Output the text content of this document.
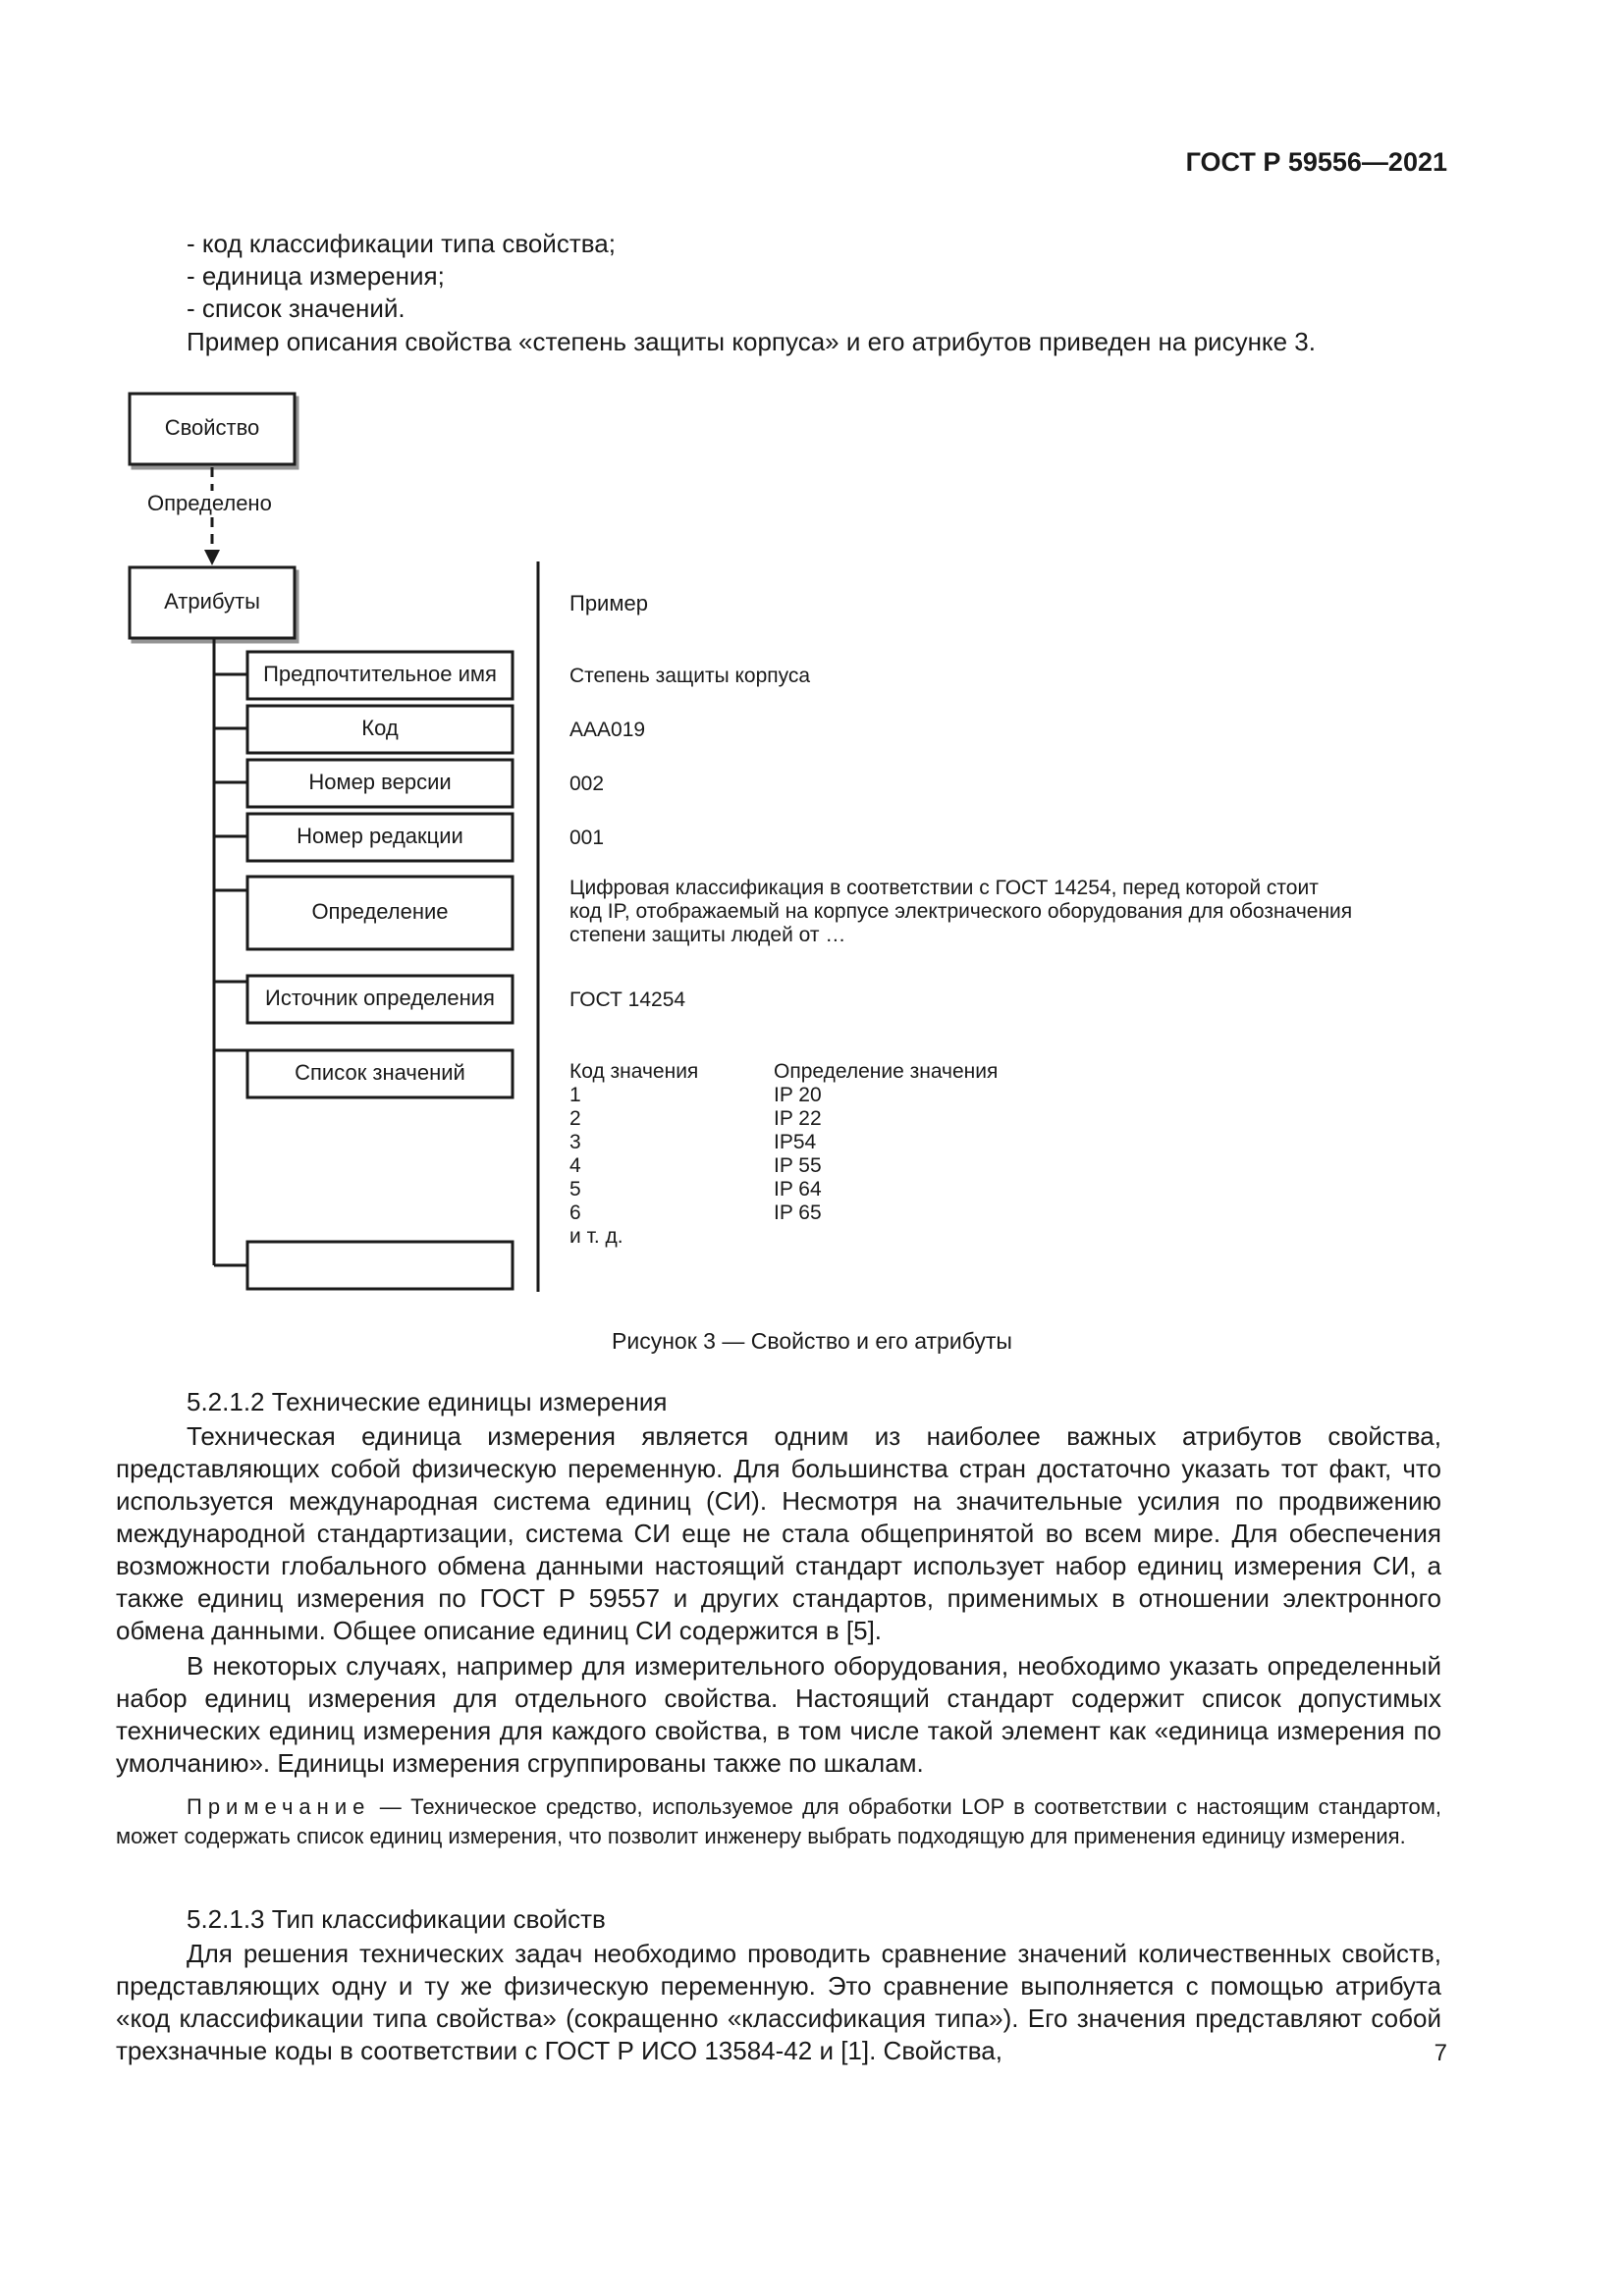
ГОСТ Р 59556—2021
- код классификации типа свойства;
- единица измерения;
- список значений.
Пример описания свойства «степень защиты корпуса» и его атрибутов приведен на рисунке 3.
Свойство
Определено
Атрибуты
Предпочтительное имя
Код
Номер версии
Номер редакции
Определение
Источник определения
Список значений
Пример
Степень защиты корпуса
AAA019
002
001
Цифровая классификация в соответствии с ГОСТ 14254, перед которой стоит
код IP, отображаемый на корпусе электрического оборудования для обозначения
степени защиты людей от …
ГОСТ 14254
Код значения	Определение значения
1	IP 20
2	IP 22
3	IP54
4	IP 55
5	IP 64
6	IP 65
и т. д.
Рисунок 3 — Свойство и его атрибуты
5.2.1.2 Технические единицы измерения

Техническая единица измерения является одним из наиболее важных атрибутов свойства, представляющих собой физическую переменную. Для большинства стран достаточно указать тот факт, что используется международная система единиц (СИ). Несмотря на значительные усилия по продвижению международной стандартизации, система СИ еще не стала общепринятой во всем мире. Для обеспечения возможности глобального обмена данными настоящий стандарт использует набор единиц измерения СИ, а также единиц измерения по ГОСТ Р 59557 и других стандартов, применимых в отношении электронного обмена данными. Общее описание единиц СИ содержится в [5].

В некоторых случаях, например для измерительного оборудования, необходимо указать определенный набор единиц измерения для отдельного свойства. Настоящий стандарт содержит список допустимых технических единиц измерения для каждого свойства, в том числе такой элемент как «единица измерения по умолчанию». Единицы измерения сгруппированы также по шкалам.

Примечание — Техническое средство, используемое для обработки LOP в соответствии с настоящим стандартом, может содержать список единиц измерения, что позволит инженеру выбрать подходящую для применения единицу измерения.

5.2.1.3 Тип классификации свойств

Для решения технических задач необходимо проводить сравнение значений количественных свойств, представляющих одну и ту же физическую переменную. Это сравнение выполняется с помощью атрибута «код классификации типа свойства» (сокращенно «классификация типа»). Его значения представляют собой трехзначные коды в соответствии с ГОСТ Р ИСО 13584-42 и [1]. Свойства,	7
